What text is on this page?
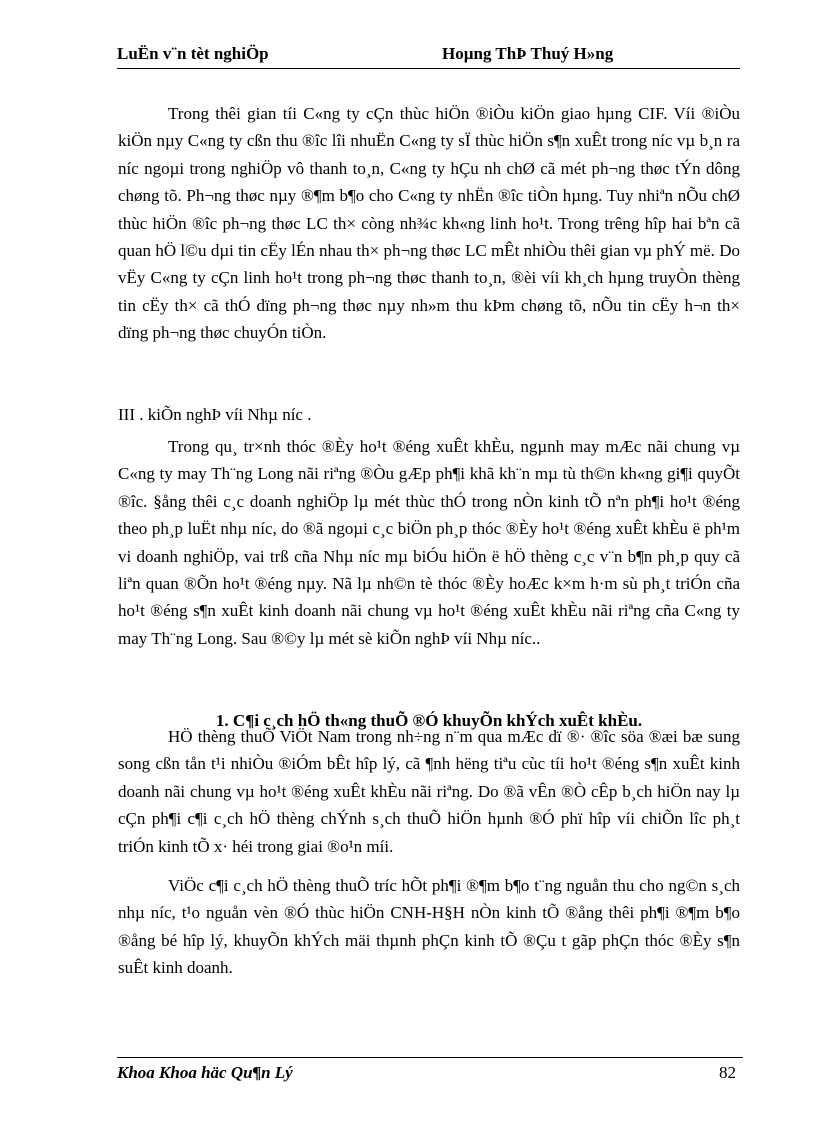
LuËn v¨n tèt nghiÖp	Hoµng ThÞ Thuý H»ng

Trong thêi gian tíi C«ng ty cÇn thùc hiÖn ®iÒu kiÖn giao hµng CIF. Víi ®iÒu kiÖn nµy C«ng ty cßn thu ®îc lîi nhuËn C«ng ty sÏ thùc hiÖn s¶n xuÊt trong níc vµ b¸n ra níc ngoµi trong nghiÖp vô thanh to¸n, C«ng ty hÇu nh chØ cã mét ph¬ng thøc tÝn dông chøng tõ. Ph¬ng thøc nµy ®¶m b¶o cho C«ng ty nhËn ®îc tiÒn hµng. Tuy nhiªn nÕu chØ thùc hiÖn ®îc ph¬ng thøc LC th× còng nh¾c kh«ng linh ho¹t. Trong trêng hîp hai bªn cã quan hÖ l©u dµi tin cËy lÉn nhau th× ph¬ng thøc LC mÊt nhiÒu thêi gian vµ phÝ më. Do vËy C«ng ty cÇn linh ho¹t trong ph¬ng thøc thanh to¸n, ®èi víi kh¸ch hµng truyÒn thèng tin cËy th× cã thÓ dïng ph¬ng thøc nµy nh»m thu kÞm chøng tõ, nÕu tin cËy h¬n th× dïng ph¬ng thøc chuyÓn tiÒn.

III . kiÕn nghÞ víi Nhµ níc .

Trong qu¸ tr×nh thóc ®Èy ho¹t ®éng xuÊt khÈu, ngµnh may mÆc nãi chung vµ C«ng ty may Th¨ng Long nãi riªng ®Òu gÆp ph¶i khã kh¨n mµ tù th©n kh«ng gi¶i quyÕt ®îc. §ång thêi c¸c doanh nghiÖp lµ mét thùc thÓ trong nÒn kinh tÕ nªn ph¶i ho¹t ®éng theo ph¸p luËt nhµ níc, do ®ã ngoµi c¸c biÖn ph¸p thóc ®Èy ho¹t ®éng xuÊt khÈu ë ph¹m vi doanh nghiÖp, vai trß cña Nhµ níc mµ biÓu hiÖn ë hÖ thèng c¸c v¨n b¶n ph¸p quy cã liªn quan ®Õn ho¹t ®éng nµy. Nã lµ nh©n tè thóc ®Èy hoÆc k×m h·m sù ph¸t triÓn cña ho¹t ®éng s¶n xuÊt kinh doanh nãi chung vµ ho¹t ®éng xuÊt khÈu nãi riªng cña C«ng ty may Th¨ng Long. Sau ®©y lµ mét sè kiÕn nghÞ víi Nhµ níc..

1. C¶i c¸ch hÖ th«ng thuÕ ®Ó khuyÕn khÝch xuÊt khÈu.

HÖ thèng thuÕ ViÖt Nam trong nh÷ng n¨m qua mÆc dï ®· ®îc söa ®æi bæ sung song cßn tån t¹i nhiÒu ®iÓm bÊt hîp lý, cã ¶nh hëng tiªu cùc tíi ho¹t ®éng s¶n xuÊt kinh doanh nãi chung vµ ho¹t ®éng xuÊt khÈu nãi riªng. Do ®ã vÊn ®Ò cÊp b¸ch hiÖn nay lµ cÇn ph¶i c¶i c¸ch hÖ thèng chÝnh s¸ch thuÕ hiÖn hµnh ®Ó phï hîp víi chiÕn lîc ph¸t triÓn kinh tÕ x· héi trong giai ®o¹n míi.

ViÖc c¶i c¸ch hÖ thèng thuÕ tríc hÕt ph¶i ®¶m b¶o t¨ng nguån thu cho ng©n s¸ch nhµ níc, t¹o nguån vèn ®Ó thùc hiÖn CNH-H§H nÒn kinh tÕ ®ång thêi ph¶i ®¶m b¶o ®ång bé hîp lý, khuyÕn khÝch mäi thµnh phÇn kinh tÕ ®Çu t gãp phÇn thóc ®Èy s¶n suÊt kinh doanh.

Khoa Khoa häc Qu¶n Lý	82
